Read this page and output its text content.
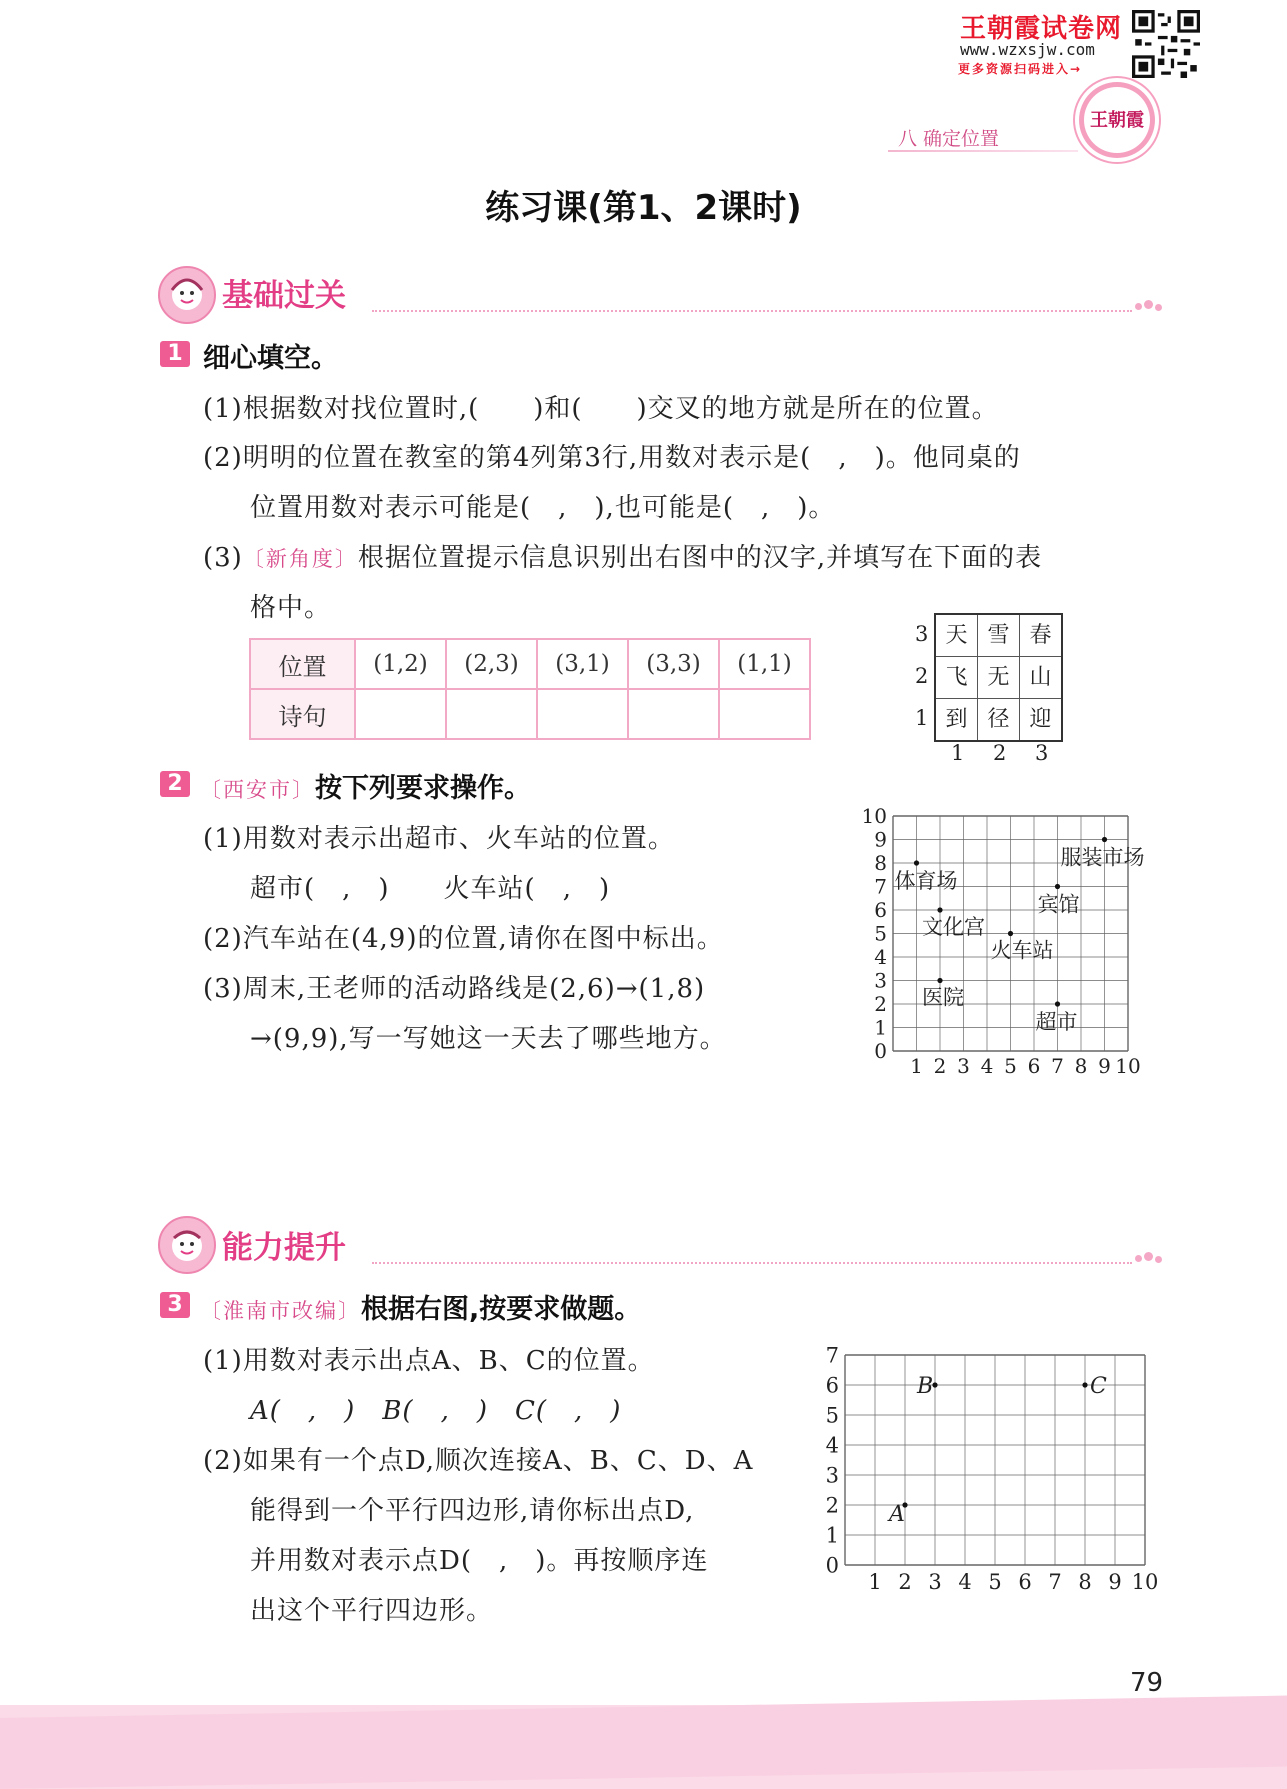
王朝霞试卷网
www.wzxsjw.com
更多资源扫码进入→
王朝霞
八 确定位置
练习课(第1、2课时)
基础过关
1 细心填空。
(1)根据数对找位置时,(　　)和(　　)交叉的地方就是所在的位置。
(2)明明的位置在教室的第4列第3行,用数对表示是(　,　)。他同桌的
位置用数对表示可能是(　,　),也可能是(　,　)。
(3)〔新角度〕根据位置提示信息识别出右图中的汉字,并填写在下面的表
格中。
位置	(1,2)	(2,3)	(3,1)	(3,3)	(1,1)
诗句					
天 雪 春
飞 无 山
到 径 迎
3
2
1
1 2 3
2 〔西安市〕按下列要求操作。
(1)用数对表示出超市、火车站的位置。
超市(　,　)　　火车站(　,　)
(2)汽车站在(4,9)的位置,请你在图中标出。
(3)周末,王老师的活动路线是(2,6)→(1,8)
→(9,9),写一写她这一天去了哪些地方。
1 2 3 4 5 6 7 8 9 10
0
1
2
3
4
5
6
7
8
9
10
体育场
服装市场
宾馆
文化宫
火车站
医院
超市
能力提升
3 〔淮南市改编〕根据右图,按要求做题。
(1)用数对表示出点A、B、C的位置。
A(　,　)　B(　,　)　C(　,　)
(2)如果有一个点D,顺次连接A、B、C、D、A
能得到一个平行四边形,请你标出点D,
并用数对表示点D(　,　)。再按顺序连
出这个平行四边形。
1 2 3 4 5 6 7 8 9 10
0
1
2
3
4
5
6
7
A
B	C
79
